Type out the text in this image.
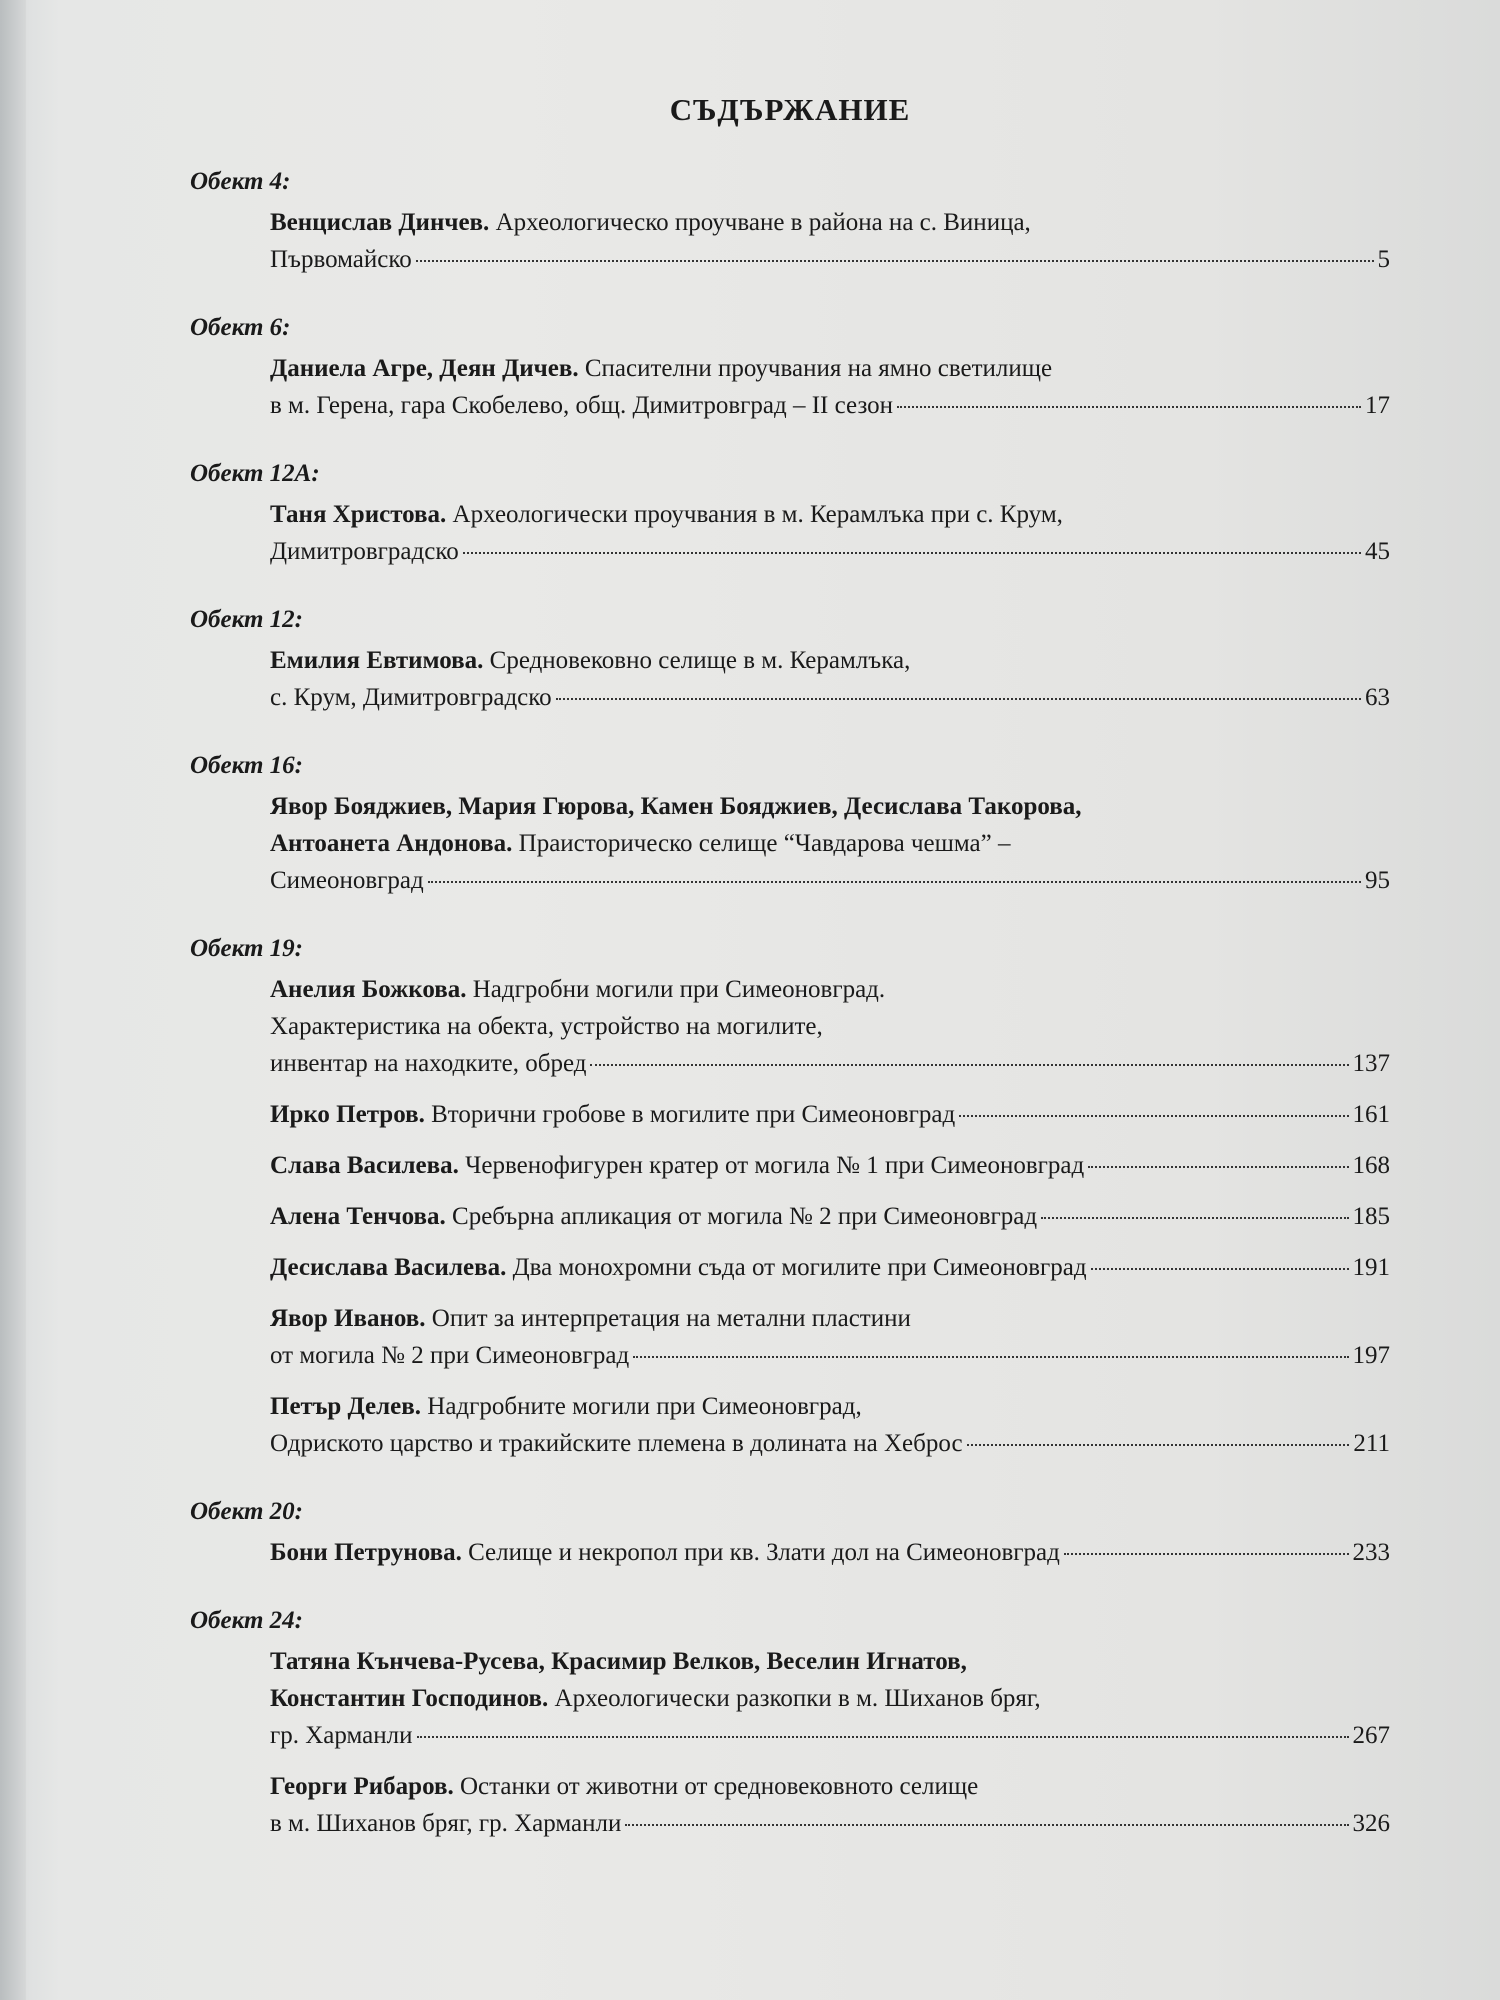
СЪДЪРЖАНИЕ
Обект 4:
Венцислав Динчев. Археологическо проучване в района на с. Виница,
Първомайско	5
Обект 6:
Даниела Агре, Деян Дичев. Спасителни проучвания на ямно светилище
в м. Герена, гара Скобелево, общ. Димитровград – II сезон	17
Обект 12А:
Таня Христова. Археологически проучвания в м. Керамлъка при с. Крум,
Димитровградско	45
Обект 12:
Емилия Евтимова. Средновековно селище в м. Керамлъка,
с. Крум, Димитровградско	63
Обект 16:
Явор Бояджиев, Мария Гюрова, Камен Бояджиев, Десислава Такорова,
Антоанета Андонова. Праисторическо селище “Чавдарова чешма” –
Симеоновград	95
Обект 19:
Анелия Божкова. Надгробни могили при Симеоновград.
Характеристика на обекта, устройство на могилите,
инвентар на находките, обред	137
Ирко Петров. Вторични гробове в могилите при Симеоновград	161
Слава Василева. Червенофигурен кратер от могила № 1 при Симеоновград	168
Алена Тенчова. Сребърна апликация от могила № 2 при Симеоновград	185
Десислава Василева. Два монохромни съда от могилите при Симеоновград	191
Явор Иванов. Опит за интерпретация на метални пластини
от могила № 2 при Симеоновград	197
Петър Делев. Надгробните могили при Симеоновград,
Одриското царство и тракийските племена в долината на Хеброс	211
Обект 20:
Бони Петрунова. Селище и некропол при кв. Злати дол на Симеоновград	233
Обект 24:
Татяна Кънчева-Русева, Красимир Велков, Веселин Игнатов,
Константин Господинов. Археологически разкопки в м. Шиханов бряг,
гр. Харманли	267
Георги Рибаров. Останки от животни от средновековното селище
в м. Шиханов бряг, гр. Харманли	326
